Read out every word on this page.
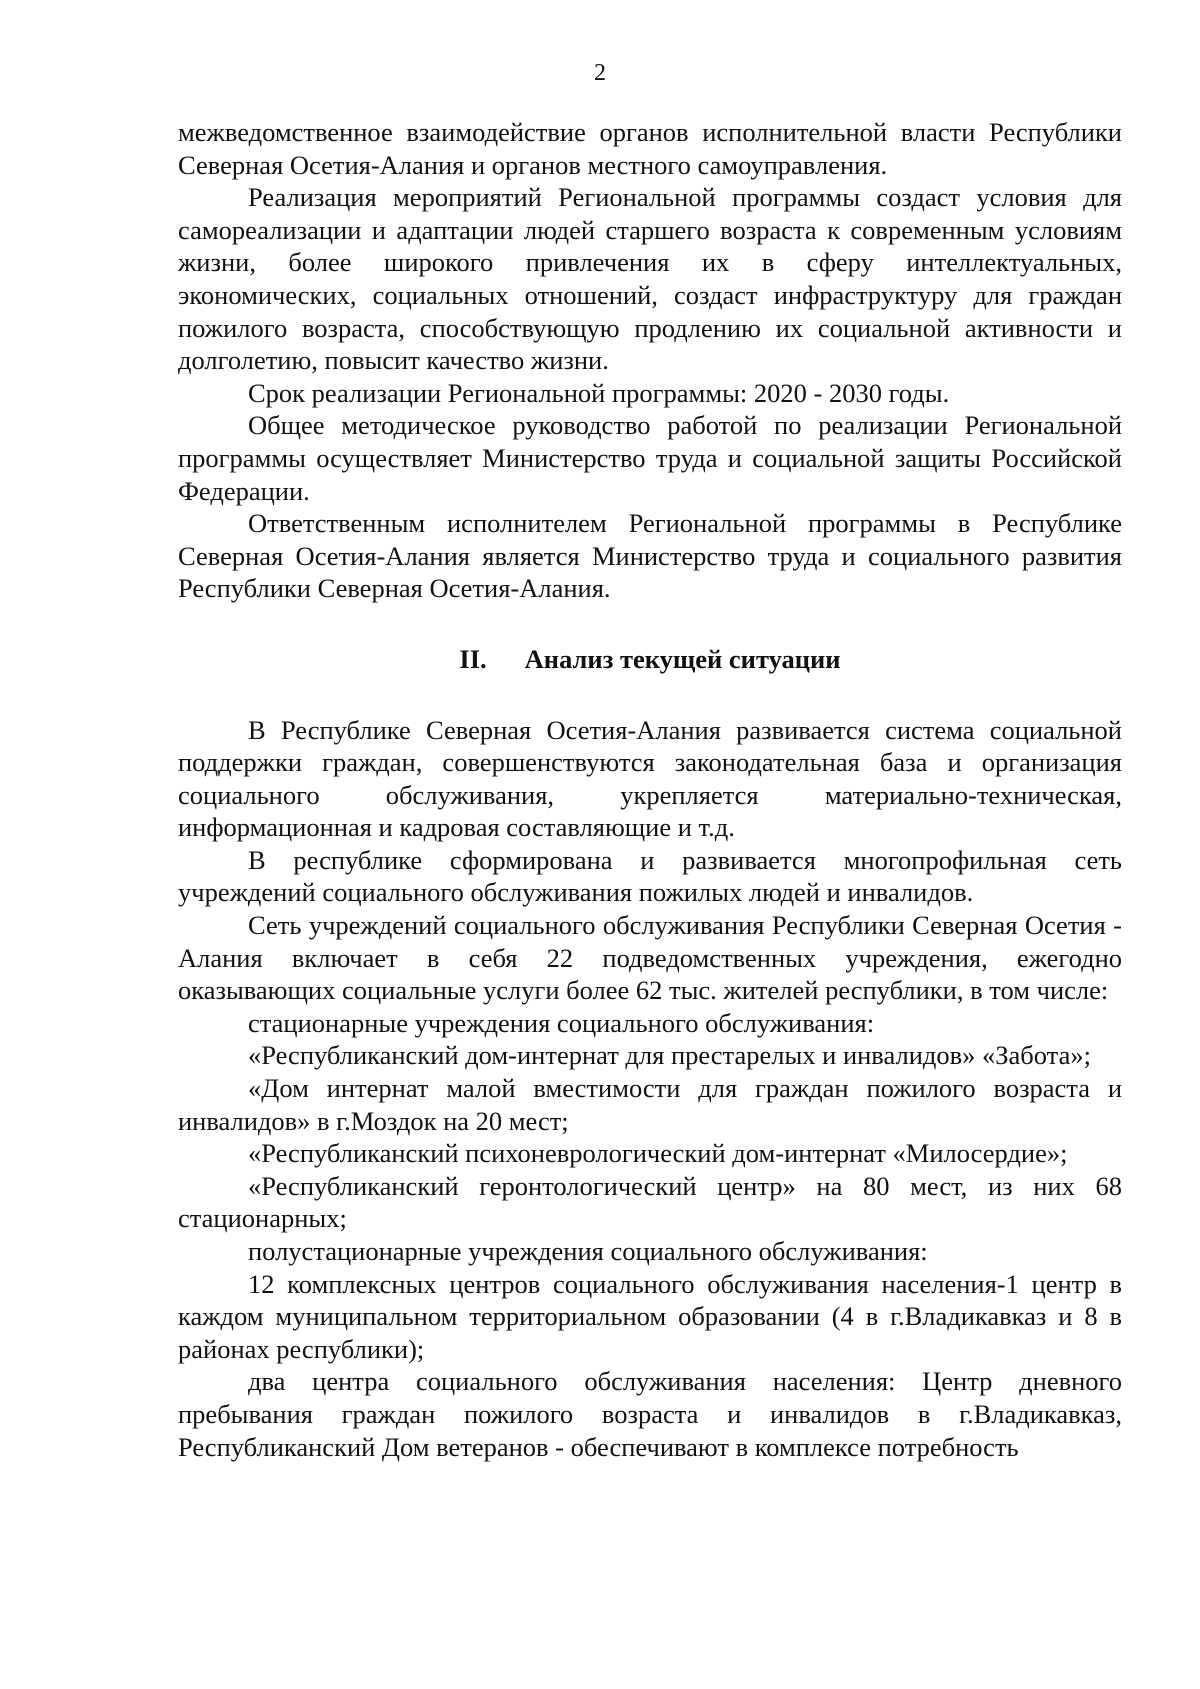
2

межведомственное взаимодействие органов исполнительной власти Республики Северная Осетия-Алания и органов местного самоуправления.

Реализация мероприятий Региональной программы создаст условия для самореализации и адаптации людей старшего возраста к современным условиям жизни, более широкого привлечения их в сферу интеллектуальных, экономических, социальных отношений, создаст инфраструктуру для граждан пожилого возраста, способствующую продлению их социальной активности и долголетию, повысит качество жизни.

Срок реализации Региональной программы: 2020 - 2030 годы.

Общее методическое руководство работой по реализации Региональной программы осуществляет Министерство труда и социальной защиты Российской Федерации.

Ответственным исполнителем Региональной программы в Республике Северная Осетия-Алания является Министерство труда и социального развития Республики Северная Осетия-Алания.

II. Анализ текущей ситуации

В Республике Северная Осетия-Алания развивается система социальной поддержки граждан, совершенствуются законодательная база и организация социального обслуживания, укрепляется материально-техническая, информационная и кадровая составляющие и т.д.

В республике сформирована и развивается многопрофильная сеть учреждений социального обслуживания пожилых людей и инвалидов.

Сеть учреждений социального обслуживания Республики Северная Осетия - Алания включает в себя 22 подведомственных учреждения, ежегодно оказывающих социальные услуги более 62 тыс. жителей республики, в том числе:

стационарные учреждения социального обслуживания:

«Республиканский дом-интернат для престарелых и инвалидов» «Забота»;

«Дом интернат малой вместимости для граждан пожилого возраста и инвалидов» в г.Моздок на 20 мест;

«Республиканский психоневрологический дом-интернат «Милосердие»;

«Республиканский геронтологический центр» на 80 мест, из них 68 стационарных;

полустационарные учреждения социального обслуживания:

12 комплексных центров социального обслуживания населения-1 центр в каждом муниципальном территориальном образовании (4 в г.Владикавказ и 8 в районах республики);

два центра социального обслуживания населения: Центр дневного пребывания граждан пожилого возраста и инвалидов в г.Владикавказ, Республиканский Дом ветеранов - обеспечивают в комплексе потребность
